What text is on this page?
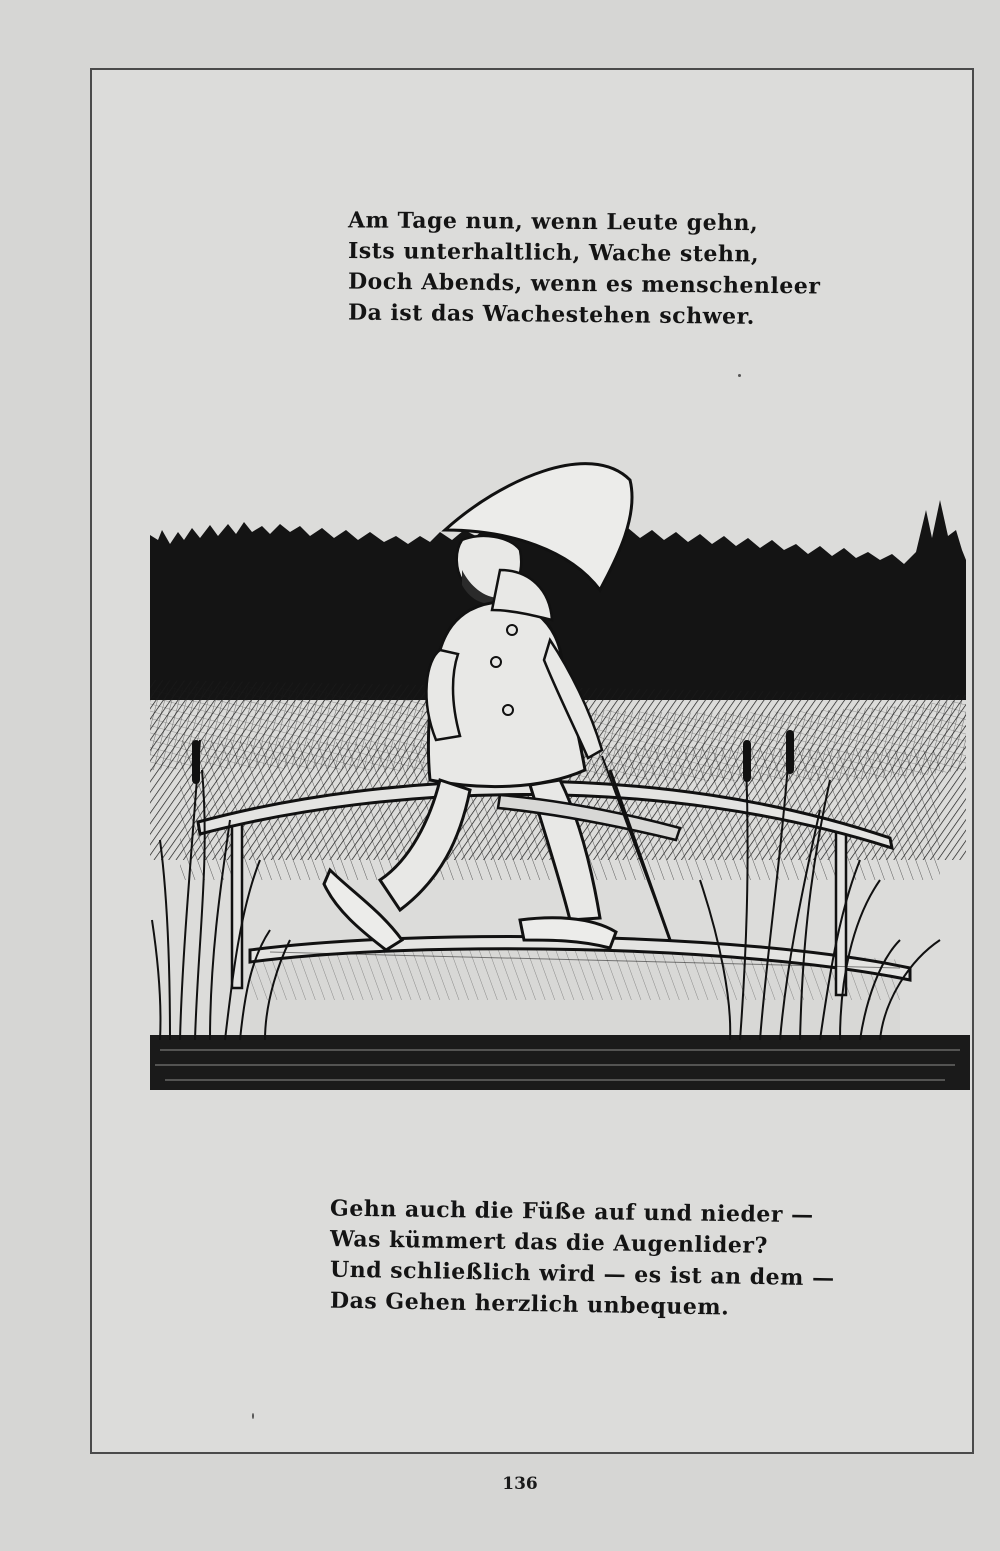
Am Tage nun, wenn Leute gehn,
Ists unterhaltlich, Wache stehn,
Doch Abends, wenn es menschenleer
Da ist das Wachestehen schwer.
Gehn auch die Füße auf und nieder —
Was kümmert das die Augenlider?
Und schließlich wird — es ist an dem —
Das Gehen herzlich unbequem.
136
